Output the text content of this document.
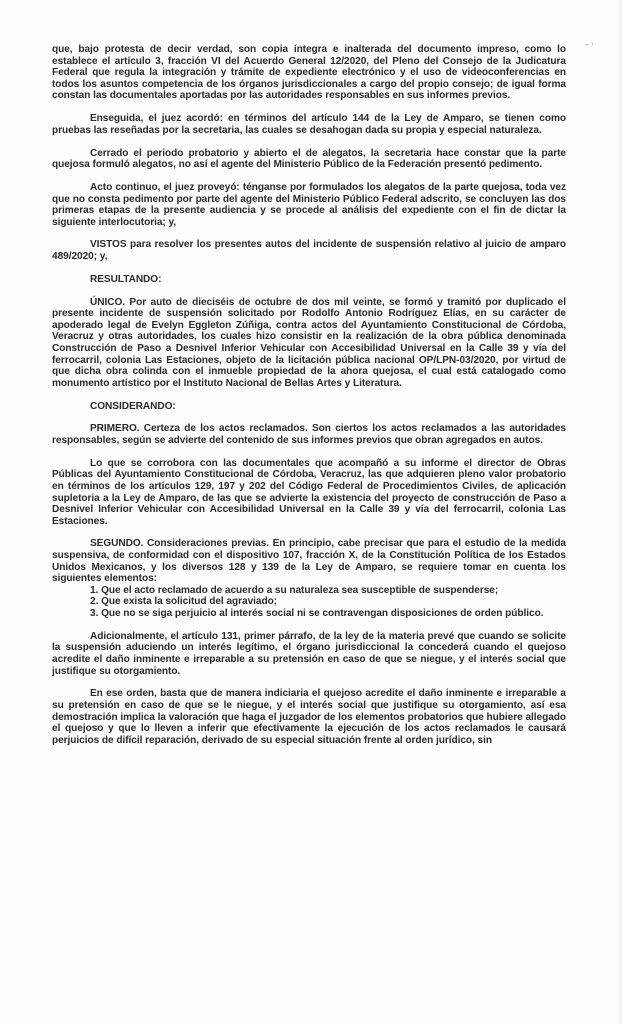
- ·

que, bajo protesta de decir verdad, son copia íntegra e inalterada del documento impreso, como lo establece el artículo 3, fracción VI del Acuerdo General 12/2020, del Pleno del Consejo de la Judicatura Federal que regula la integración y trámite de expediente electrónico y el uso de videoconferencias en todos los asuntos competencia de los órganos jurisdiccionales a cargo del propio consejo; de igual forma constan las documentales aportadas por las autoridades responsables en sus informes previos.

Enseguida, el juez acordó: en términos del artículo 144 de la Ley de Amparo, se tienen como pruebas las reseñadas por la secretaria, las cuales se desahogan dada su propia y especial naturaleza.

Cerrado el periodo probatorio y abierto el de alegatos, la secretaria hace constar que la parte quejosa formuló alegatos, no así el agente del Ministerio Público de la Federación presentó pedimento.

Acto continuo, el juez proveyó: ténganse por formulados los alegatos de la parte quejosa, toda vez que no consta pedimento por parte del agente del Ministerio Público Federal adscrito, se concluyen las dos primeras etapas de la presente audiencia y se procede al análisis del expediente con el fin de dictar la siguiente interlocutoria; y,

VISTOS para resolver los presentes autos del incidente de suspensión relativo al juicio de amparo 489/2020; y,

RESULTANDO:

ÚNICO. Por auto de dieciséis de octubre de dos mil veinte, se formó y tramitó por duplicado el presente incidente de suspensión solicitado por Rodolfo Antonio Rodríguez Elías, en su carácter de apoderado legal de Evelyn Eggleton Zúñiga, contra actos del Ayuntamiento Constitucional de Córdoba, Veracruz y otras autoridades, los cuales hizo consistir en la realización de la obra pública denominada Construcción de Paso a Desnivel Inferior Vehicular con Accesibilidad Universal en la Calle 39 y vía del ferrocarril, colonia Las Estaciones, objeto de la licitación pública nacional OP/LPN-03/2020, por virtud de que dicha obra colinda con el inmueble propiedad de la ahora quejosa, el cual está catalogado como monumento artístico por el Instituto Nacional de Bellas Artes y Literatura.

CONSIDERANDO:

PRIMERO. Certeza de los actos reclamados. Son ciertos los actos reclamados a las autoridades responsables, según se advierte del contenido de sus informes previos que obran agregados en autos.

Lo que se corrobora con las documentales que acompañó a su informe el director de Obras Públicas del Ayuntamiento Constitucional de Córdoba, Veracruz, las que adquieren pleno valor probatorio en términos de los artículos 129, 197 y 202 del Código Federal de Procedimientos Civiles, de aplicación supletoria a la Ley de Amparo, de las que se advierte la existencia del proyecto de construcción de Paso a Desnivel Inferior Vehicular con Accesibilidad Universal en la Calle 39 y vía del ferrocarril, colonia Las Estaciones.

SEGUNDO. Consideraciones previas. En principio, cabe precisar que para el estudio de la medida suspensiva, de conformidad con el dispositivo 107, fracción X, de la Constitución Política de los Estados Unidos Mexicanos, y los diversos 128 y 139 de la Ley de Amparo, se requiere tomar en cuenta los siguientes elementos:

1. Que el acto reclamado de acuerdo a su naturaleza sea susceptible de suspenderse;

2. Que exista la solicitud del agraviado;

3. Que no se siga perjuicio al interés social ni se contravengan disposiciones de orden público.

Adicionalmente, el artículo 131, primer párrafo, de la ley de la materia prevé que cuando se solicite la suspensión aduciendo un interés legítimo, el órgano jurisdiccional la concederá cuando el quejoso acredite el daño inminente e irreparable a su pretensión en caso de que se niegue, y el interés social que justifique su otorgamiento.

En ese orden, basta que de manera indiciaria el quejoso acredite el daño inminente e irreparable a su pretensión en caso de que se le niegue, y el interés social que justifique su otorgamiento, así esa demostración implica la valoración que haga el juzgador de los elementos probatorios que hubiere allegado el quejoso y que lo lleven a inferir que efectivamente la ejecución de los actos reclamados le causará perjuicios de difícil reparación, derivado de su especial situación frente al orden jurídico, sin
